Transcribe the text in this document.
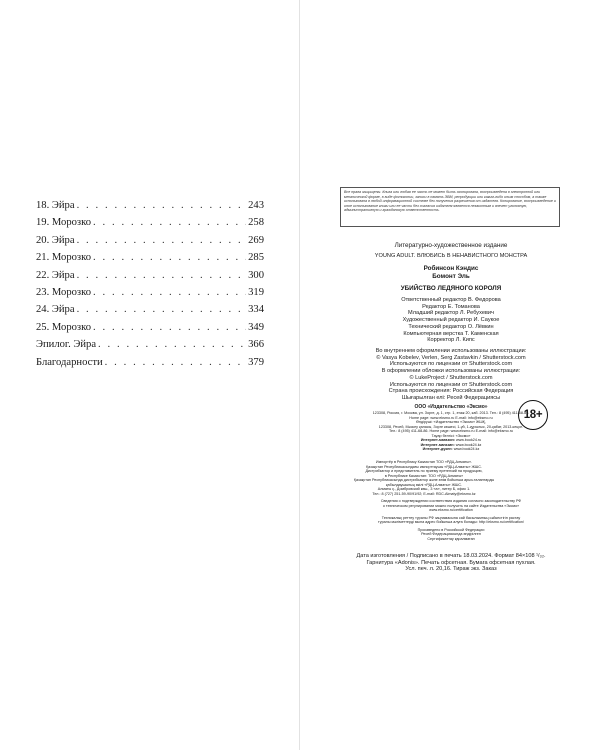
18. Эйра . . .	243
19. Морозко . . .	258
20. Эйра . . .	269
21. Морозко . . .	285
22. Эйра . . .	300
23. Морозко . . .	319
24. Эйра . . .	334
25. Морозко . . .	349
Эпилог. Эйра . . .	366
Благодарности . . .	379
Все права защищены. Книга или любая ее часть не может быть скопирована, воспроизведена в электронной или механической форме, в виде фотокопии, записи в память ЭВМ, репродукции или каким-либо иным способом, а также использована в любой информационной системе без получения разрешения от издателя. Копирование, воспроизведение и иное использование книги или ее части без согласия издателя является незаконным и влечет уголовную, административную и гражданскую ответственность.
Литературно-художественное издание
YOUNG ADULT. ВЛЮБИСЬ В НЕНАВИСТНОГО МОНСТРА
Робинсон Кэндис
Бомонт Эль
УБИЙСТВО ЛЕДЯНОГО КОРОЛЯ
Ответственный редактор В. Федорова
Редактор Е. Томанова
Младший редактор Л. Ребухевич
Художественный редактор И. Саукое
Технический редактор О. Лёвкин
Компьютерная верстка Т. Каменская
Корректор Л. Кипс
Во внутреннем оформлении использованы иллюстрации:
© Vasya Kobelev, Verlen, Serg Zastavkin / Shutterstock.com
Используются по лицензии от Shutterstock.com
В оформлении обложки использованы иллюстрации:
© LukeProject / Shutterstock.com
Используются по лицензии от Shutterstock.com
Страна происхождения: Российская Федерация
Шығарылған елі: Ресей Федерациясы
ООО «Издательство «Эксмо»
123308, Россия, г. Москва, ул. Зорге, д. 1, стр. 1, этаж 20, каб. 2013. Тел.: 8 (495) 411-68-86.
Home page: www.eksmo.ru E-mail: info@eksmo.ru
Өндіруші: «Издательство «Эксмо» ЖШҚ,
123308, Ресей, Мәскеу қаласы, Зорге көшесі, 1-үй, 1-құрылыс, 20-қабат, 2013-кеңсе.
Тел.: 8 (495) 411-68-86. Home page: www.eksmo.ru E-mail: info@eksmo.ru
Тауар белгісі: «Эксмо»
Интернет-магазин: www.book24.ru
Интернет-магазин: www.book24.kz
Интернет-дүкен: www.book24.kz
Импортёр в Республику Казахстан ТОО «РДЦ-Алматы».
Қазақстан Республикасындағы импорттаушы «РДЦ-Алматы» ЖШС.
Дистрибьютор и представитель по приему претензий на продукцию,
в Республике Казахстан: ТОО «РДЦ-Алматы»
Қазақстан Республикасында дистрибьютор және өнім бойынша арыз-талаптарды
қабылдаушының өкілі «РДЦ-Алматы» ЖШС.
Алматы қ., Домбровский көш., 3 «а», литер Б, офис 1.
Тел.: 8 (727) 251-59-90/91/92; E-mail: RDC-Almaty@eksmo.kz
Сведения о подтверждении соответствия издания согласно законодательству РФ
о техническом регулировании можно получить на сайте Издательства «Эксмо»
www.eksmo.ru/certification
Техникалық реттеу туралы РФ заңнамасына сай басылымның сәйкестігін растау
туралы мәліметтерді мына адрес бойынша алуға болады: http://eksmo.ru/certification/
Произведено в Российской Федерации
Ресей Федерациясында өндірілген
Сертификаттау қаралмаған
Дата изготовления / Подписано в печать 18.03.2024. Формат 84×108 ¹/₃₂.
Гарнитура «Adonis». Печать офсетная. Бумага офсетная пухлая.
Усл. печ. л. 20,16. Тираж экз. Заказ
18+
